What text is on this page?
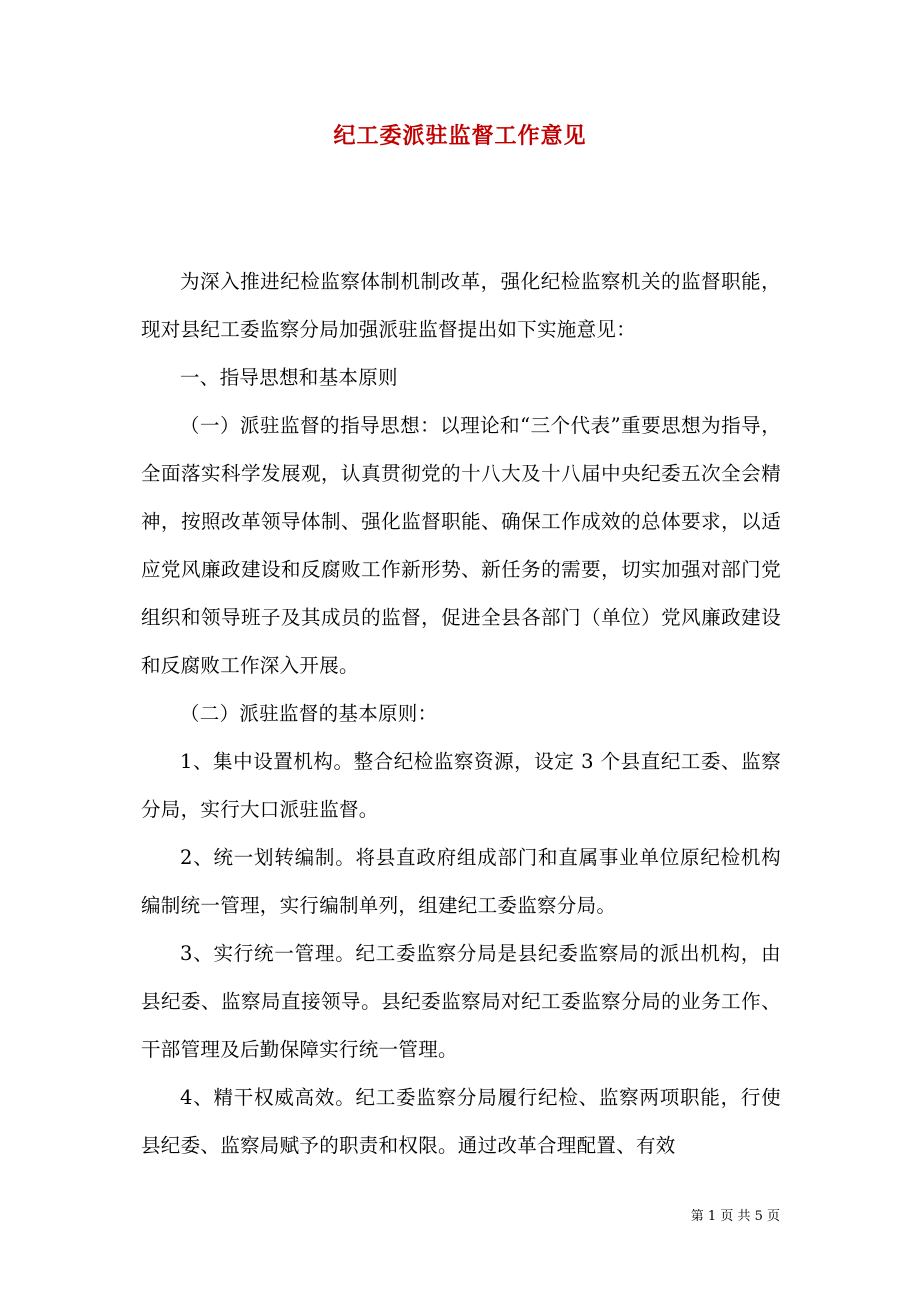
纪工委派驻监督工作意见

为深入推进纪检监察体制机制改革，强化纪检监察机关的监督职能，现对县纪工委监察分局加强派驻监督提出如下实施意见：

一、指导思想和基本原则

（一）派驻监督的指导思想：以理论和“三个代表”重要思想为指导，全面落实科学发展观，认真贯彻党的十八大及十八届中央纪委五次全会精神，按照改革领导体制、强化监督职能、确保工作成效的总体要求，以适应党风廉政建设和反腐败工作新形势、新任务的需要，切实加强对部门党组织和领导班子及其成员的监督，促进全县各部门（单位）党风廉政建设和反腐败工作深入开展。

（二）派驻监督的基本原则：

1、集中设置机构。整合纪检监察资源，设定 3 个县直纪工委、监察分局，实行大口派驻监督。

2、统一划转编制。将县直政府组成部门和直属事业单位原纪检机构编制统一管理，实行编制单列，组建纪工委监察分局。

3、实行统一管理。纪工委监察分局是县纪委监察局的派出机构，由县纪委、监察局直接领导。县纪委监察局对纪工委监察分局的业务工作、干部管理及后勤保障实行统一管理。

4、精干权威高效。纪工委监察分局履行纪检、监察两项职能，行使县纪委、监察局赋予的职责和权限。通过改革合理配置、有效

第 1 页 共 5 页
